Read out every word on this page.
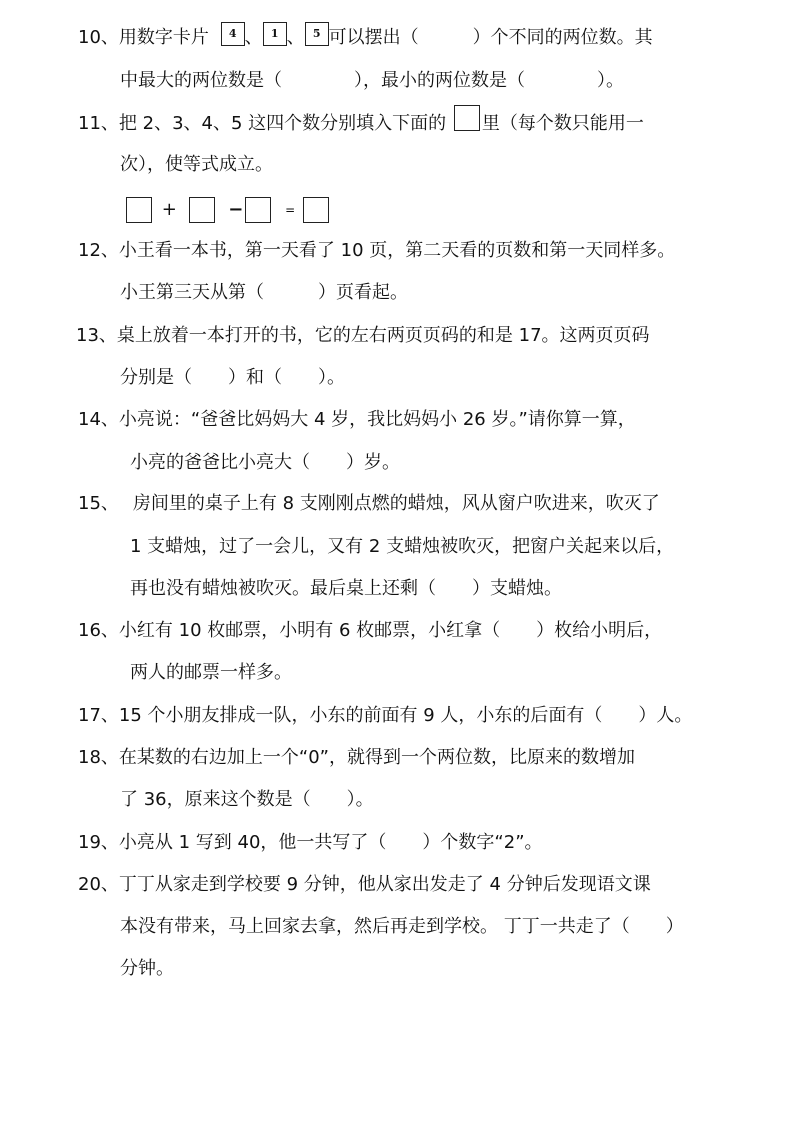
10、用数字卡片 4 、 1 、 5 可以摆出（　　　）个不同的两位数。其
中最大的两位数是（　　　　），最小的两位数是（　　　　）。
11、把 2、3、4、5 这四个数分别填入下面的 里（每个数只能用一
次），使等式成立。
+	−	=
12、小王看一本书，第一天看了 10 页，第二天看的页数和第一天同样多。
小王第三天从第（　　　）页看起。
13、桌上放着一本打开的书，它的左右两页页码的和是 17。这两页页码
分别是（　　）和（　　）。
14、小亮说：“爸爸比妈妈大 4 岁，我比妈妈小 26 岁。”请你算一算，
小亮的爸爸比小亮大（　　）岁。
15、 房间里的桌子上有 8 支刚刚点燃的蜡烛，风从窗户吹进来，吹灭了
1 支蜡烛，过了一会儿，又有 2 支蜡烛被吹灭，把窗户关起来以后，
再也没有蜡烛被吹灭。最后桌上还剩（　　）支蜡烛。
16、小红有 10 枚邮票，小明有 6 枚邮票，小红拿（　　）枚给小明后，
两人的邮票一样多。
17、15 个小朋友排成一队，小东的前面有 9 人，小东的后面有（　　）人。
18、在某数的右边加上一个“0”，就得到一个两位数，比原来的数增加
了 36，原来这个数是（　　）。
19、小亮从 1 写到 40，他一共写了（　　）个数字“2”。
20、丁丁从家走到学校要 9 分钟，他从家出发走了 4 分钟后发现语文课
本没有带来，马上回家去拿，然后再走到学校。 丁丁一共走了（　　）
分钟。
